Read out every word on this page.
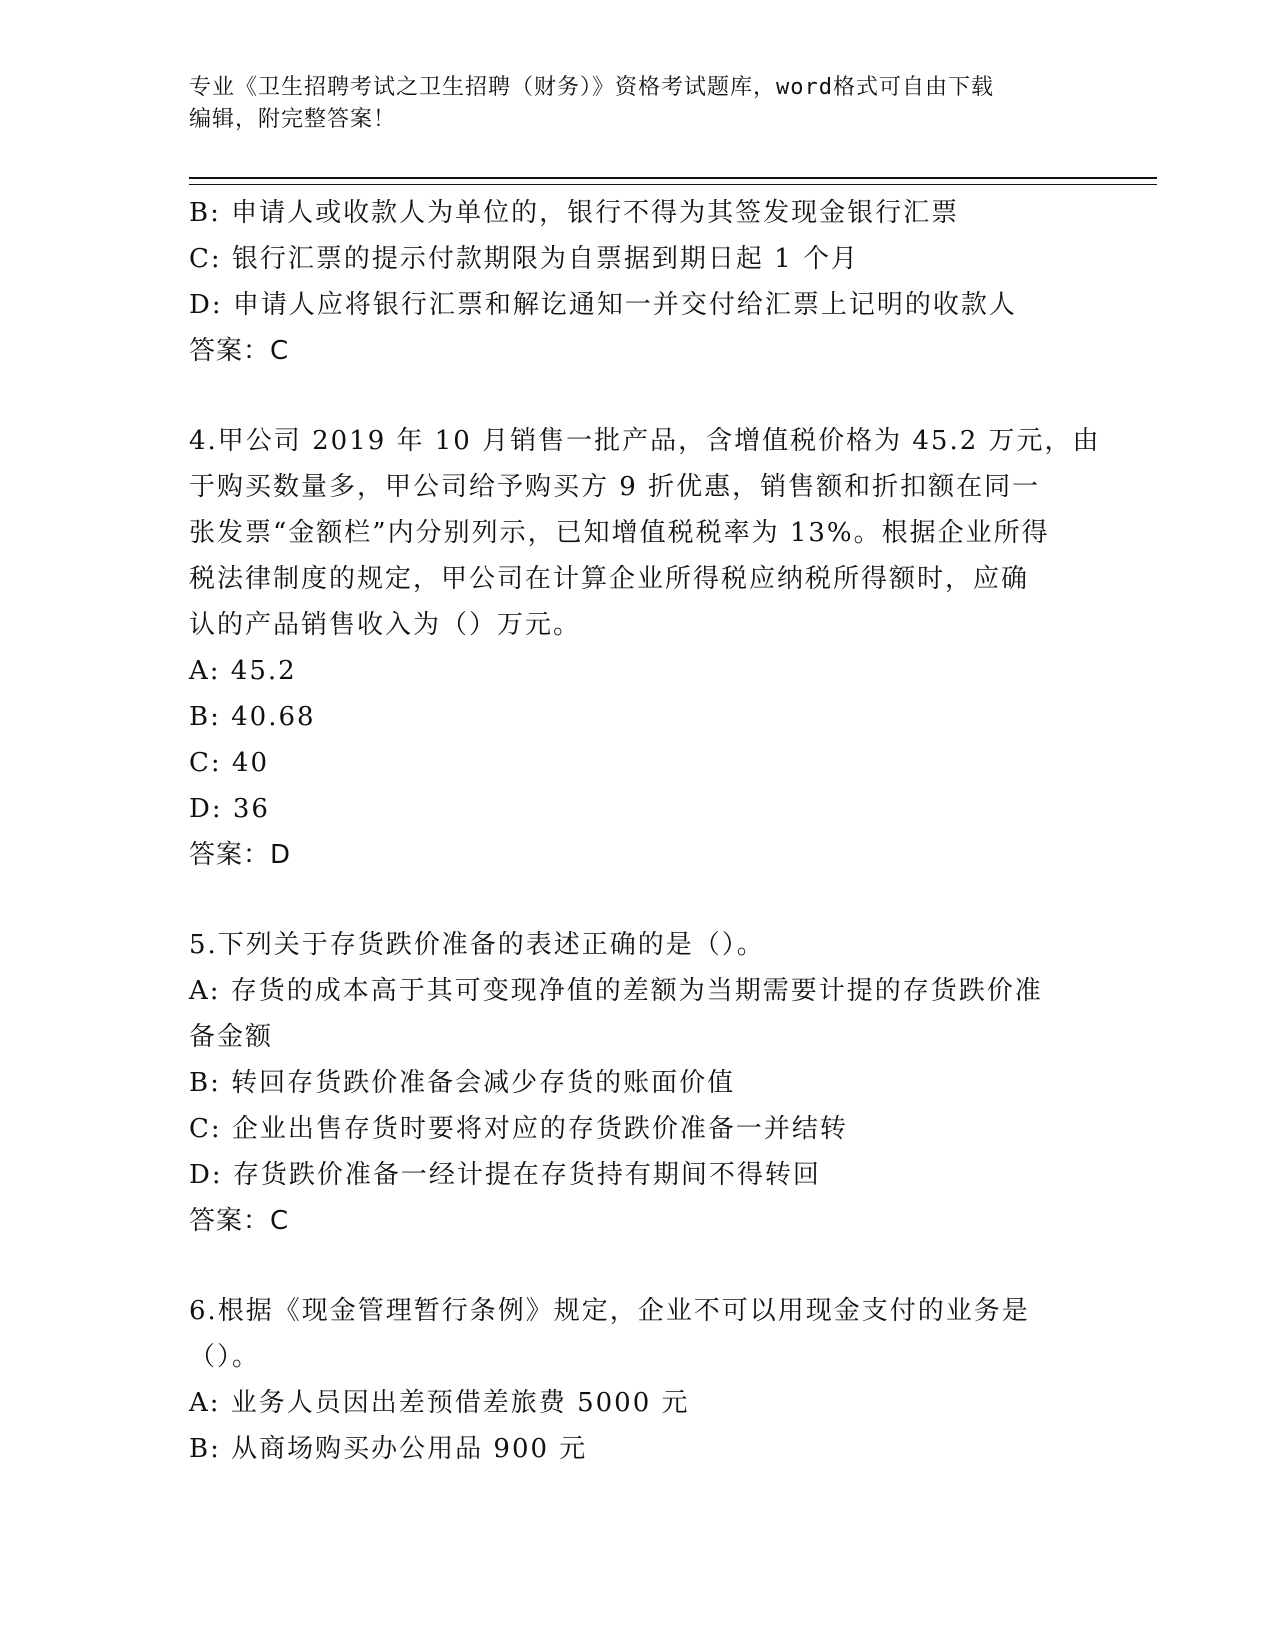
专业《卫生招聘考试之卫生招聘（财务）》资格考试题库，word格式可自由下载
编辑，附完整答案！
B: 申请人或收款人为单位的，银行不得为其签发现金银行汇票
C: 银行汇票的提示付款期限为自票据到期日起 1 个月
D: 申请人应将银行汇票和解讫通知一并交付给汇票上记明的收款人
答案：C
4.甲公司 2019 年 10 月销售一批产品，含增值税价格为 45.2 万元，由
于购买数量多，甲公司给予购买方 9 折优惠，销售额和折扣额在同一
张发票“金额栏”内分别列示，已知增值税税率为 13%。根据企业所得
税法律制度的规定，甲公司在计算企业所得税应纳税所得额时，应确
认的产品销售收入为（）万元。
A: 45.2
B: 40.68
C: 40
D: 36
答案：D
5.下列关于存货跌价准备的表述正确的是（）。
A: 存货的成本高于其可变现净值的差额为当期需要计提的存货跌价准
备金额
B: 转回存货跌价准备会减少存货的账面价值
C: 企业出售存货时要将对应的存货跌价准备一并结转
D: 存货跌价准备一经计提在存货持有期间不得转回
答案：C
6.根据《现金管理暂行条例》规定，企业不可以用现金支付的业务是
（）。
A: 业务人员因出差预借差旅费 5000 元
B: 从商场购买办公用品 900 元
